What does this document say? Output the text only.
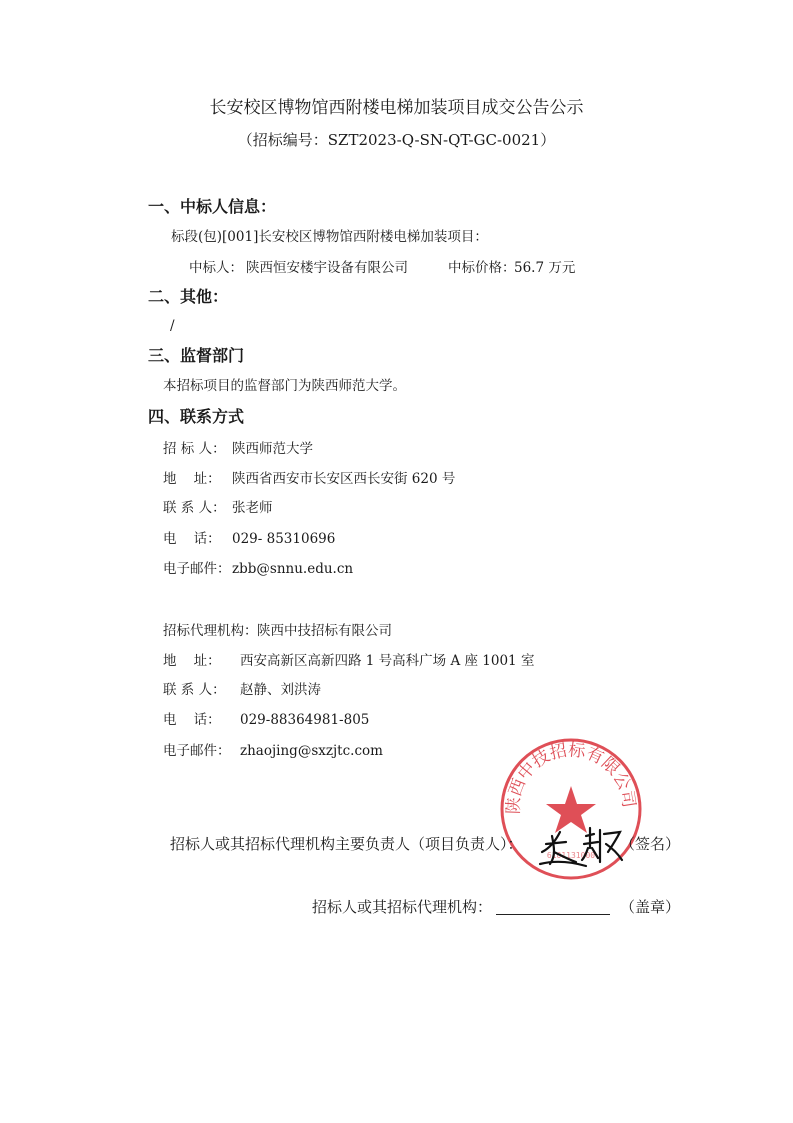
长安校区博物馆西附楼电梯加装项目成交公告公示
（招标编号：SZT2023-Q-SN-QT-GC-0021）
一、中标人信息：
标段(包)[001]长安校区博物馆西附楼电梯加装项目：
中标人： 陕西恒安楼宇设备有限公司	中标价格：
56.7 万元
二、其他：
/
三、监督部门
本招标项目的监督部门为陕西师范大学。
四、联系方式
招 标 人： 陕西师范大学
地    址： 陕西省西安市长安区西长安街 620 号
联 系 人： 张老师
电    话： 029- 85310696
电子邮件： zbb@snnu.edu.cn
招标代理机构： 陕西中技招标有限公司
地    址： 西安高新区高新四路 1 号高科广场 A 座 1001 室
联 系 人： 赵静、刘洪涛
电    话： 029-88364981-805
电子邮件： zhaojing@sxzjtc.com
陕西中技招标有限公司
6101131000
招标人或其招标代理机构主要负责人（项目负责人）：	（签名）
招标人或其招标代理机构：	（盖章）
